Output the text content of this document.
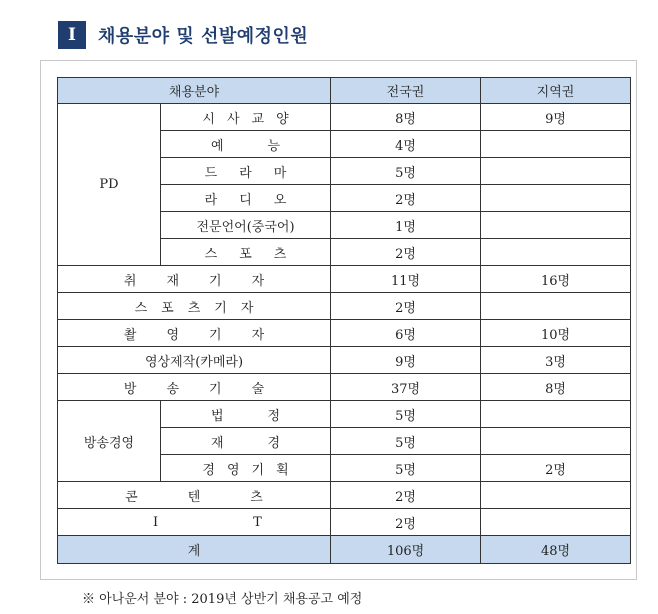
I	채용분야 및 선발예정인원
채용분야		전국권	지역권
PD	시사교양	8명	9명
	예능	4명	
	드라마	5명	
	라디오	2명	
	전문언어(중국어)	1명	
	스포츠	2명	
취재기자		11명	16명
스포츠기자		2명	
촬영기자		6명	10명
영상제작(카메라)		9명	3명
방송기술		37명	8명
방송경영	법정	5명	
	재경	5명	
	경영기획	5명	2명
콘텐츠		2명	
IT		2명	
계		106명	48명
※ 아나운서 분야 : 2019년 상반기 채용공고 예정
